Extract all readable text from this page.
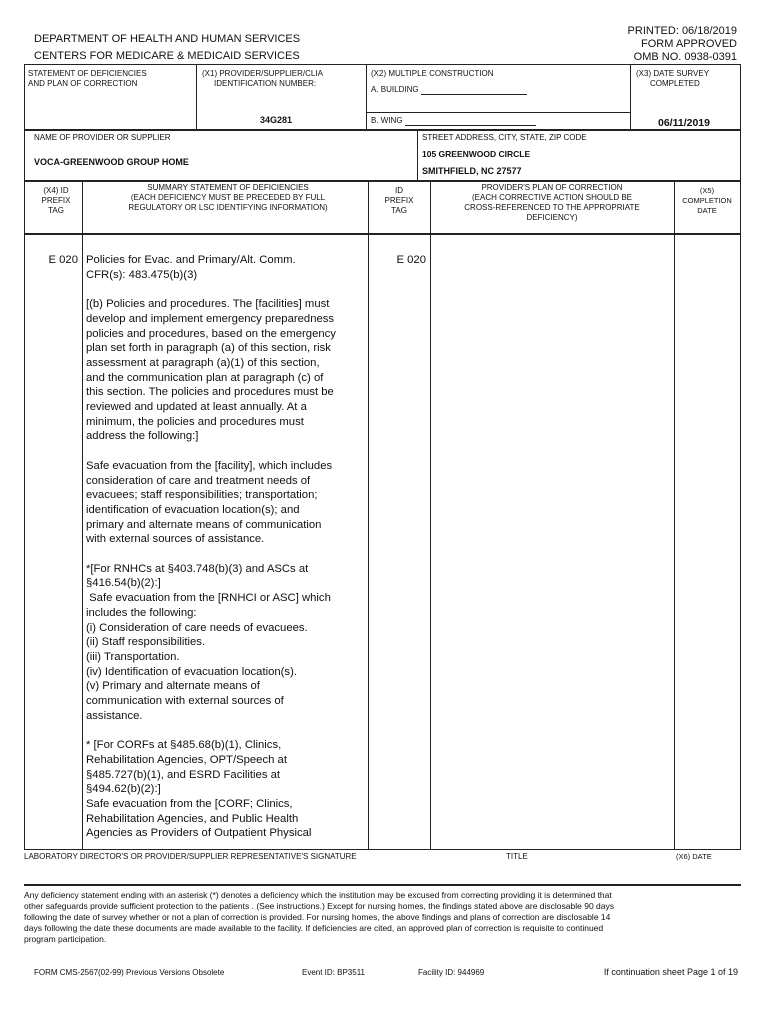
DEPARTMENT OF HEALTH AND HUMAN SERVICES
CENTERS FOR MEDICARE & MEDICAID SERVICES
PRINTED: 06/18/2019
FORM APPROVED
OMB NO. 0938-0391
STATEMENT OF DEFICIENCIES
AND PLAN OF CORRECTION
(X1) PROVIDER/SUPPLIER/CLIA
IDENTIFICATION NUMBER:
34G281
(X2) MULTIPLE CONSTRUCTION
A. BUILDING
B. WING
(X3) DATE SURVEY
COMPLETED
06/11/2019
NAME OF PROVIDER OR SUPPLIER
VOCA-GREENWOOD GROUP HOME
STREET ADDRESS, CITY, STATE, ZIP CODE
105 GREENWOOD CIRCLE
SMITHFIELD, NC 27577
(X4) ID
PREFIX
TAG
SUMMARY STATEMENT OF DEFICIENCIES
(EACH DEFICIENCY MUST BE PRECEDED BY FULL
REGULATORY OR LSC IDENTIFYING INFORMATION)
ID
PREFIX
TAG
PROVIDER'S PLAN OF CORRECTION
(EACH CORRECTIVE ACTION SHOULD BE
CROSS-REFERENCED TO THE APPROPRIATE
DEFICIENCY)
(X5)
COMPLETION
DATE
E 020	E 020
Policies for Evac. and Primary/Alt. Comm.
CFR(s): 483.475(b)(3)
[(b) Policies and procedures. The [facilities] must
develop and implement emergency preparedness
policies and procedures, based on the emergency
plan set forth in paragraph (a) of this section, risk
assessment at paragraph (a)(1) of this section,
and the communication plan at paragraph (c) of
this section. The policies and procedures must be
reviewed and updated at least annually. At a
minimum, the policies and procedures must
address the following:]
Safe evacuation from the [facility], which includes
consideration of care and treatment needs of
evacuees; staff responsibilities; transportation;
identification of evacuation location(s); and
primary and alternate means of communication
with external sources of assistance.
*[For RNHCs at §403.748(b)(3) and ASCs at
§416.54(b)(2):]
Safe evacuation from the [RNHCI or ASC] which
includes the following:
(i) Consideration of care needs of evacuees.
(ii) Staff responsibilities.
(iii) Transportation.
(iv) Identification of evacuation location(s).
(v) Primary and alternate means of
communication with external sources of
assistance.
* [For CORFs at §485.68(b)(1), Clinics,
Rehabilitation Agencies, OPT/Speech at
§485.727(b)(1), and ESRD Facilities at
§494.62(b)(2):]
Safe evacuation from the [CORF; Clinics,
Rehabilitation Agencies, and Public Health
Agencies as Providers of Outpatient Physical
LABORATORY DIRECTOR'S OR PROVIDER/SUPPLIER REPRESENTATIVE'S SIGNATURE	TITLE	(X6) DATE
Any deficiency statement ending with an asterisk (*) denotes a deficiency which the institution may be excused from correcting providing it is determined that
other safeguards provide sufficient protection to the patients . (See instructions.) Except for nursing homes, the findings stated above are disclosable 90 days
following the date of survey whether or not a plan of correction is provided. For nursing homes, the above findings and plans of correction are disclosable 14
days following the date these documents are made available to the facility. If deficiencies are cited, an approved plan of correction is requisite to continued
program participation.
FORM CMS-2567(02-99) Previous Versions Obsolete	Event ID: BP3511	Facility ID: 944969	If continuation sheet Page 1 of 19
